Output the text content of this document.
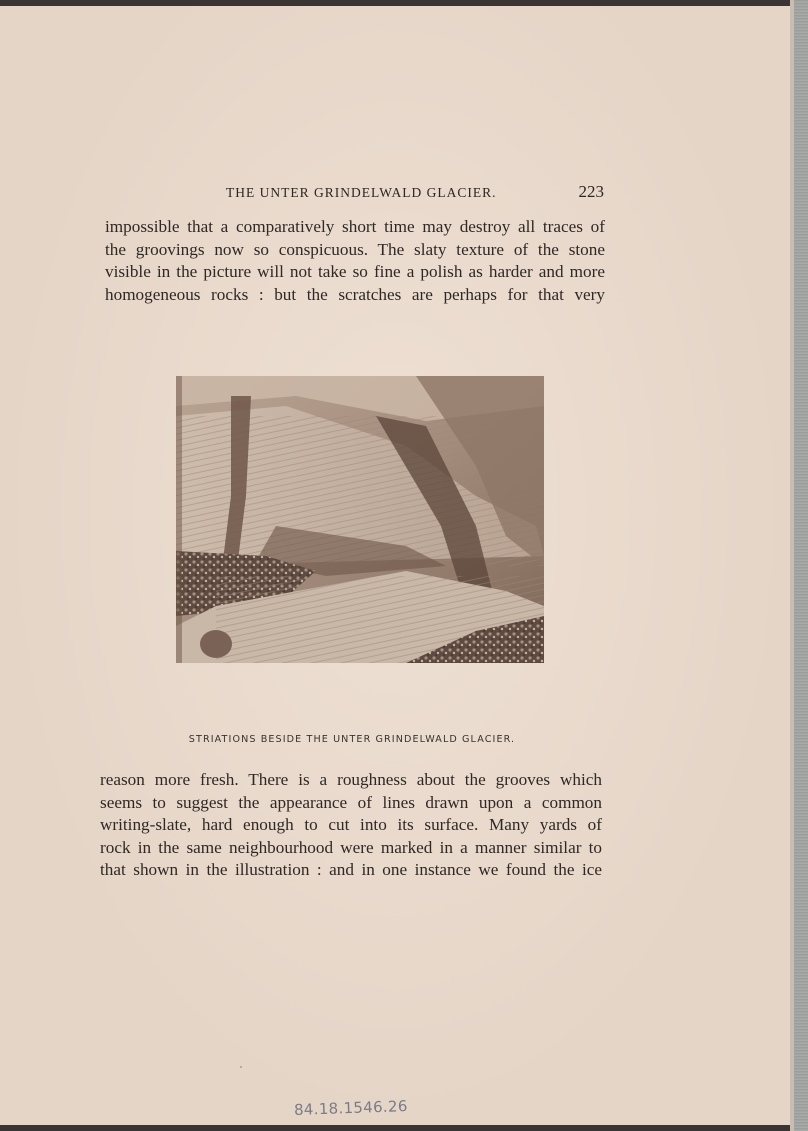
THE UNTER GRINDELWALD GLACIER.	223

impossible that a comparatively short time may destroy all traces of
the groovings now so conspicuous. The slaty texture of the stone
visible in the picture will not take so fine a polish as harder and more
homogeneous rocks : but the scratches are perhaps for that very

STRIATIONS BESIDE THE UNTER GRINDELWALD GLACIER.

reason more fresh. There is a roughness about the grooves which
seems to suggest the appearance of lines drawn upon a common
writing-slate, hard enough to cut into its surface. Many yards of
rock in the same neighbourhood were marked in a manner similar to
that shown in the illustration : and in one instance we found the ice

84.18.1546.26
